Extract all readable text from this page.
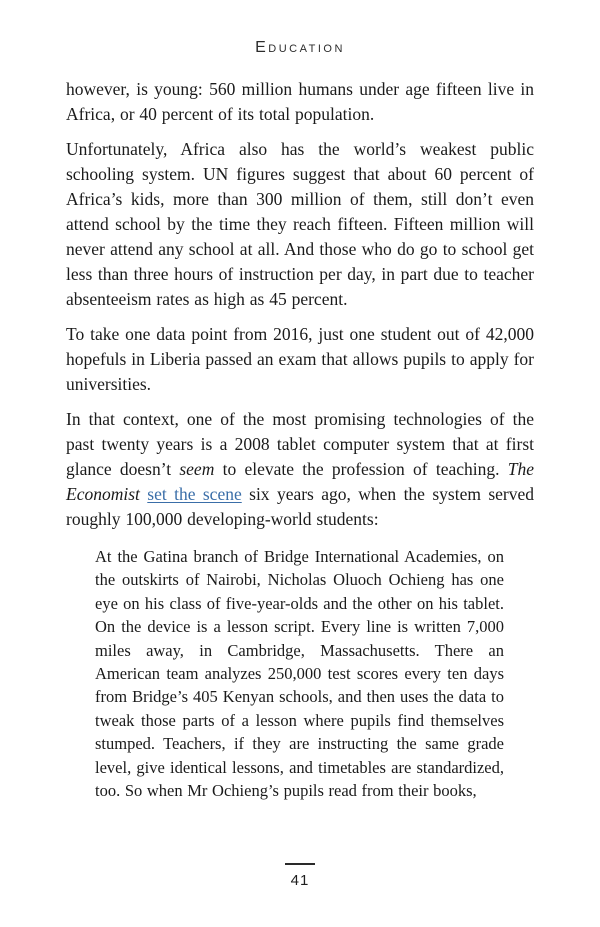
Education

however, is young: 560 million humans under age fifteen live in Africa, or 40 percent of its total population.

Unfortunately, Africa also has the world’s weakest public schooling system. UN figures suggest that about 60 percent of Africa’s kids, more than 300 million of them, still don’t even attend school by the time they reach fifteen. Fifteen million will never attend any school at all. And those who do go to school get less than three hours of instruction per day, in part due to teacher absenteeism rates as high as 45 percent.

To take one data point from 2016, just one student out of 42,000 hopefuls in Liberia passed an exam that allows pupils to apply for universities.

In that context, one of the most promising technologies of the past twenty years is a 2008 tablet computer system that at first glance doesn’t seem to elevate the profession of teaching. The Economist set the scene six years ago, when the system served roughly 100,000 developing-world students:

At the Gatina branch of Bridge International Academies, on the outskirts of Nairobi, Nicholas Oluoch Ochieng has one eye on his class of five-year-olds and the other on his tablet. On the device is a lesson script. Every line is written 7,000 miles away, in Cambridge, Massachusetts. There an American team analyzes 250,000 test scores every ten days from Bridge’s 405 Kenyan schools, and then uses the data to tweak those parts of a lesson where pupils find themselves stumped. Teachers, if they are instructing the same grade level, give identical lessons, and timetables are standardized, too. So when Mr Ochieng’s pupils read from their books,
41
